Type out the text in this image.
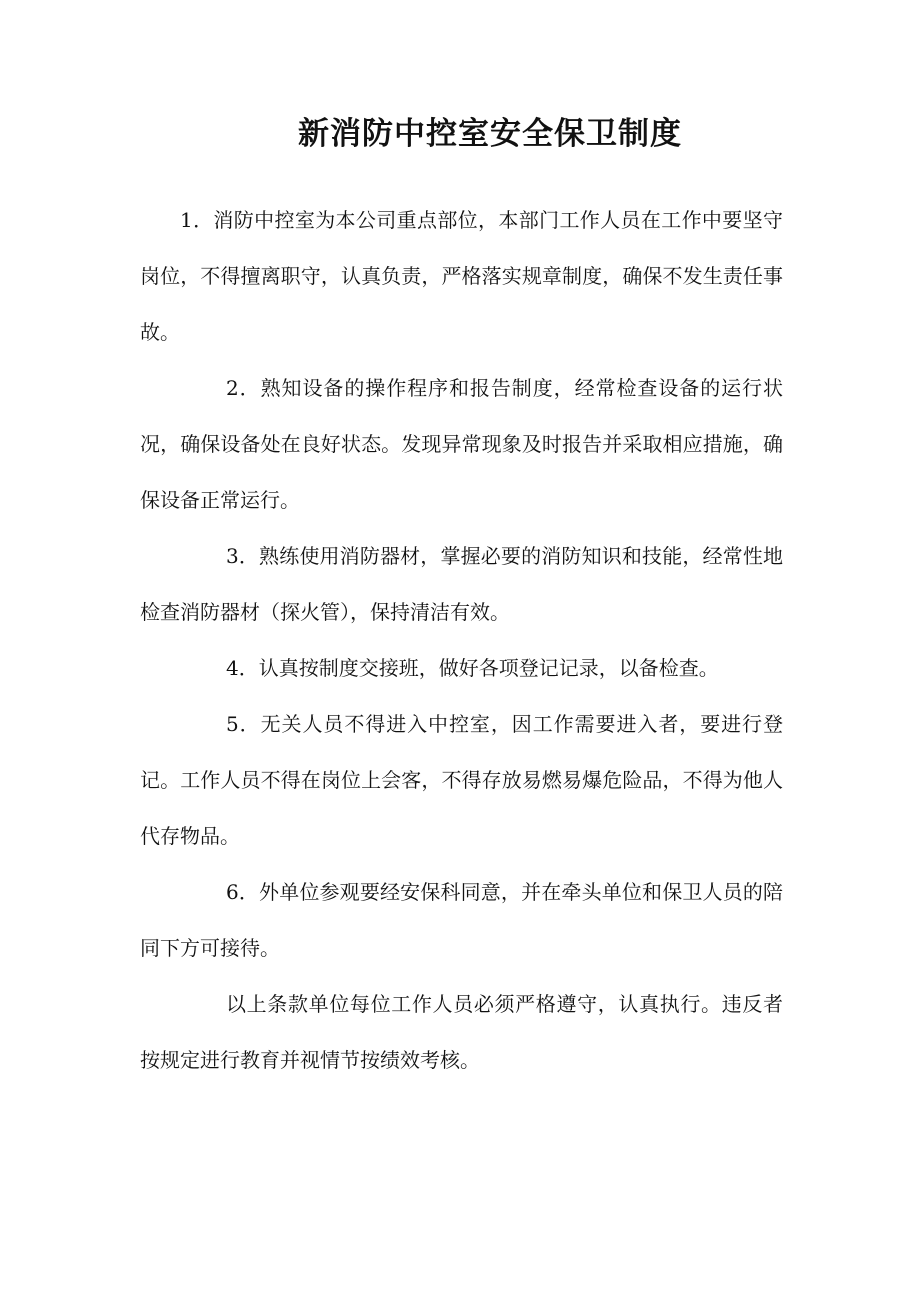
新消防中控室安全保卫制度

1．消防中控室为本公司重点部位，本部门工作人员在工作中要坚守岗位，不得擅离职守，认真负责，严格落实规章制度，确保不发生责任事故。

2．熟知设备的操作程序和报告制度，经常检查设备的运行状况，确保设备处在良好状态。发现异常现象及时报告并采取相应措施，确保设备正常运行。

3．熟练使用消防器材，掌握必要的消防知识和技能，经常性地检查消防器材（探火管），保持清洁有效。

4．认真按制度交接班，做好各项登记记录，以备检查。

5．无关人员不得进入中控室，因工作需要进入者，要进行登记。工作人员不得在岗位上会客，不得存放易燃易爆危险品，不得为他人代存物品。

6．外单位参观要经安保科同意，并在牵头单位和保卫人员的陪同下方可接待。

以上条款单位每位工作人员必须严格遵守，认真执行。违反者按规定进行教育并视情节按绩效考核。
